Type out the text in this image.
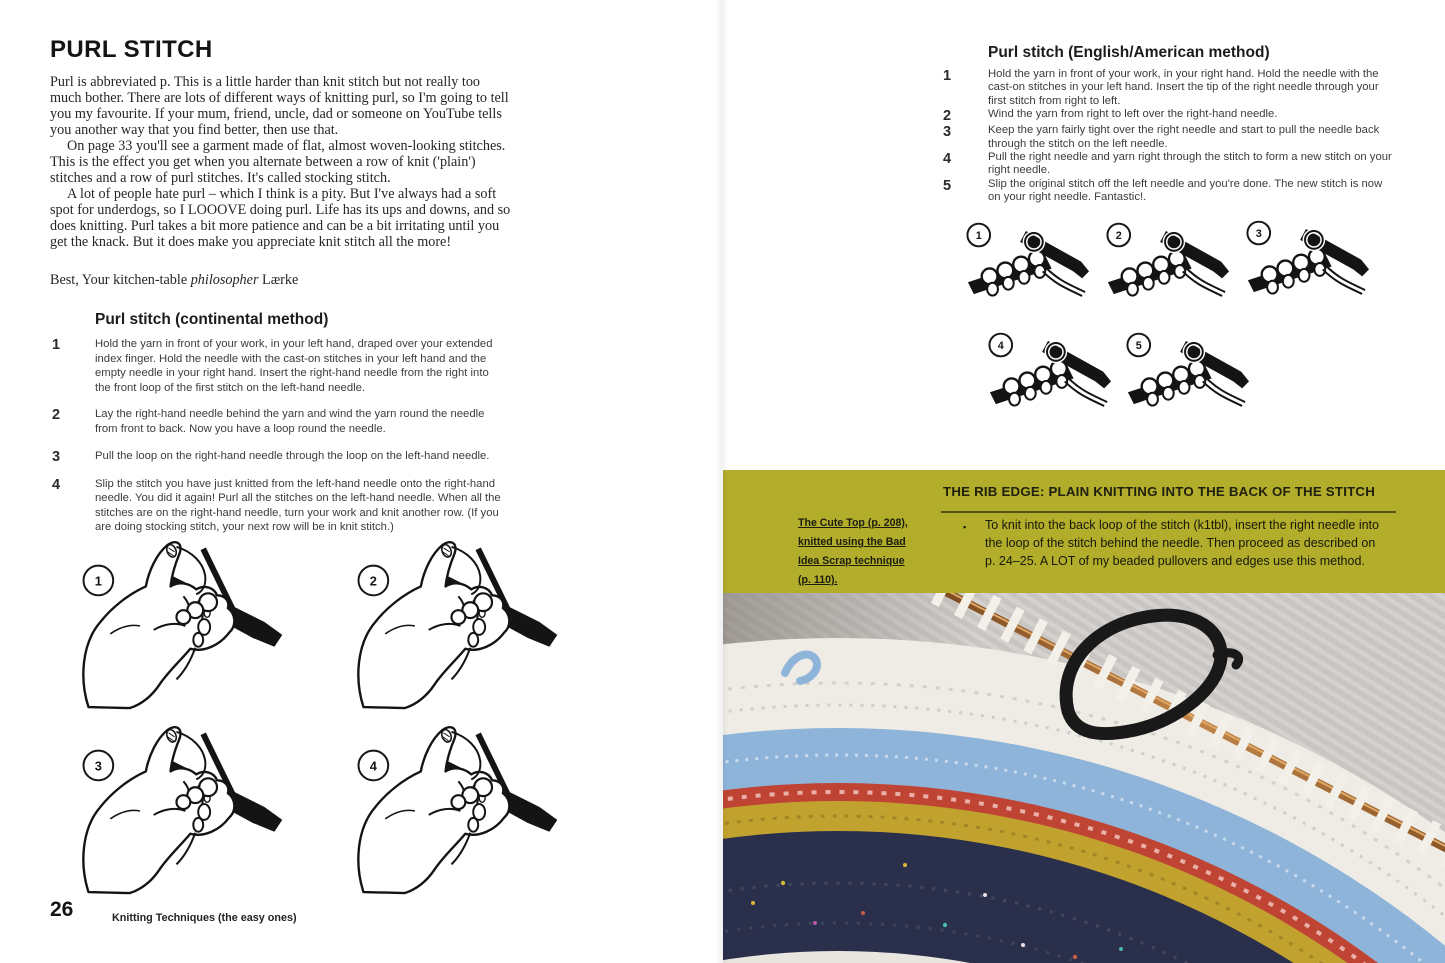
PURL STITCH

Purl is abbreviated p. This is a little harder than knit stitch but not really too much bother. There are lots of different ways of knitting purl, so I'm going to tell you my favourite. If your mum, friend, uncle, dad or someone on YouTube tells you another way that you find better, then use that.

On page 33 you'll see a garment made of flat, almost woven-looking stitches. This is the effect you get when you alternate between a row of knit ('plain') stitches and a row of purl stitches. It's called stocking stitch.

A lot of people hate purl – which I think is a pity. But I've always had a soft spot for underdogs, so I LOOOVE doing purl. Life has its ups and downs, and so does knitting. Purl takes a bit more patience and can be a bit irritating until you get the knack. But it does make you appreciate knit stitch all the more!

Best, Your kitchen-table philosopher Lærke

Purl stitch (continental method)
1	Hold the yarn in front of your work, in your left hand, draped over your extended index finger. Hold the needle with the cast-on stitches in your left hand and the empty needle in your right hand. Insert the right-hand needle from the right into the front loop of the first stitch on the left-hand needle.
2	Lay the right-hand needle behind the yarn and wind the yarn round the needle from front to back. Now you have a loop round the needle.
3	Pull the loop on the right-hand needle through the loop on the left-hand needle.
4	Slip the stitch you have just knitted from the left-hand needle onto the right-hand needle. You did it again! Purl all the stitches on the left-hand needle. When all the stitches are on the right-hand needle, turn your work and knit another row. (If you are doing stocking stitch, your next row will be in knit stitch.)
1	2
3	4
26	Knitting Techniques (the easy ones)
Purl stitch (English/American method)
1	Hold the yarn in front of your work, in your right hand. Hold the needle with the cast-on stitches in your left hand. Insert the tip of the right needle through your first stitch from right to left.
2	Wind the yarn from right to left over the right-hand needle.
3	Keep the yarn fairly tight over the right needle and start to pull the needle back through the stitch on the left needle.
4	Pull the right needle and yarn right through the stitch to form a new stitch on your right needle.
5	Slip the original stitch off the left needle and you're done. The new stitch is now on your right needle. Fantastic!.
1	2	3
4	5
THE RIB EDGE: PLAIN KNITTING INTO THE BACK OF THE STITCH
The Cute Top (p. 208),
knitted using the Bad
Idea Scrap technique
(p. 110).
▪ To knit into the back loop of the stitch (k1tbl), insert the right needle into the loop of the stitch behind the needle. Then proceed as described on p. 24–25. A LOT of my beaded pullovers and edges use this method.
